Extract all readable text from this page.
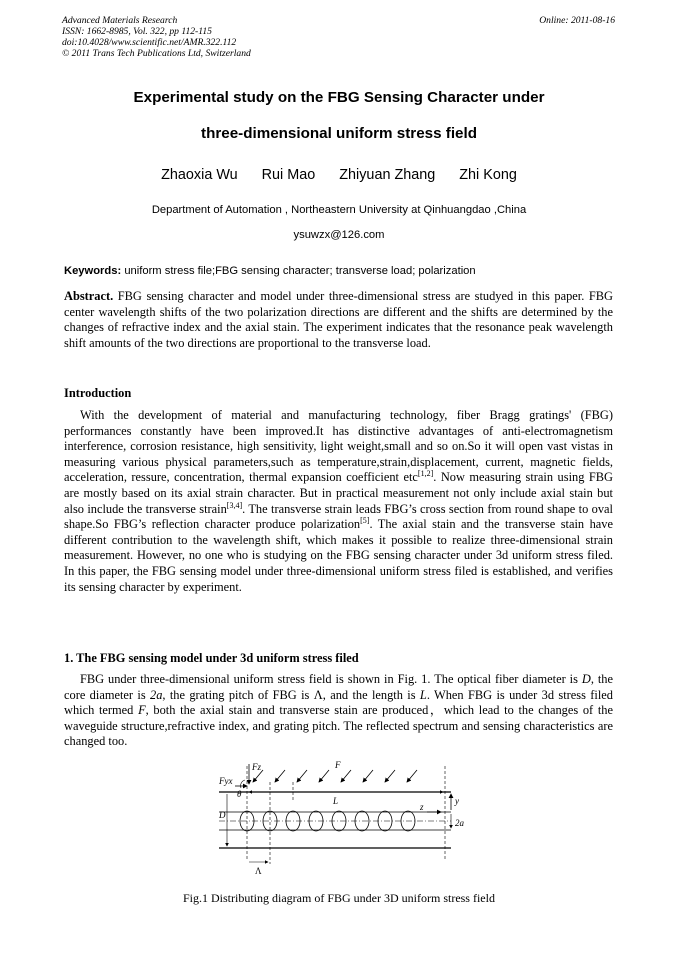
Advanced Materials Research
ISSN: 1662-8985, Vol. 322, pp 112-115
doi:10.4028/www.scientific.net/AMR.322.112
© 2011 Trans Tech Publications Ltd, Switzerland
Online: 2011-08-16
Experimental study on the FBG Sensing Character under
three-dimensional uniform stress field
Zhaoxia Wu Rui Mao Zhiyuan Zhang Zhi Kong
Department of Automation , Northeastern University at Qinhuangdao ,China
ysuwzx@126.com
Keywords: uniform stress file;FBG sensing character; transverse load; polarization

Abstract. FBG sensing character and model under three-dimensional stress are studyed in this paper. FBG center wavelength shifts of the two polarization directions are different and the shifts are determined by the changes of refractive index and the axial stain. The experiment indicates that the resonance peak wavelength shift amounts of the two directions are proportional to the transverse load.

Introduction

With the development of material and manufacturing technology, fiber Bragg gratings' (FBG) performances constantly have been improved.It has distinctive advantages of anti-electromagnetism interference, corrosion resistance, high sensitivity, light weight,small and so on.So it will open vast vistas in measuring various physical parameters,such as temperature,strain,displacement, current, magnetic fields, acceleration, ressure, concentration, thermal expansion coefficient etc[1,2]. Now measuring strain using FBG are mostly based on its axial strain character. But in practical measurement not only include axial stain but also include the transverse strain[3,4]. The transverse strain leads FBG’s cross section from round shape to oval shape.So FBG’s reflection character produce polarization[5]. The axial stain and the transverse stain have different contribution to the wavelength shift, which makes it possible to realize three-dimensional strain measurement. However, no one who is studying on the FBG sensing character under 3d uniform stress filed. In this paper, the FBG sensing model under three-dimensional uniform stress filed is established, and verifies its sensing character by experiment.

1. The FBG sensing model under 3d uniform stress filed

FBG under three-dimensional uniform stress field is shown in Fig. 1. The optical fiber diameter is D, the core diameter is 2a, the grating pitch of FBG is Λ, and the length is L. When FBG is under 3d stress filed which termed F, both the axial stain and transverse stain are produced，which lead to the changes of the waveguide structure,refractive index, and grating pitch. The reflected spectrum and sensing characteristics are changed too.

Fz
Fyx
θ
F
L
z
y
D
2a
Λ
Fig.1 Distributing diagram of FBG under 3D uniform stress field
